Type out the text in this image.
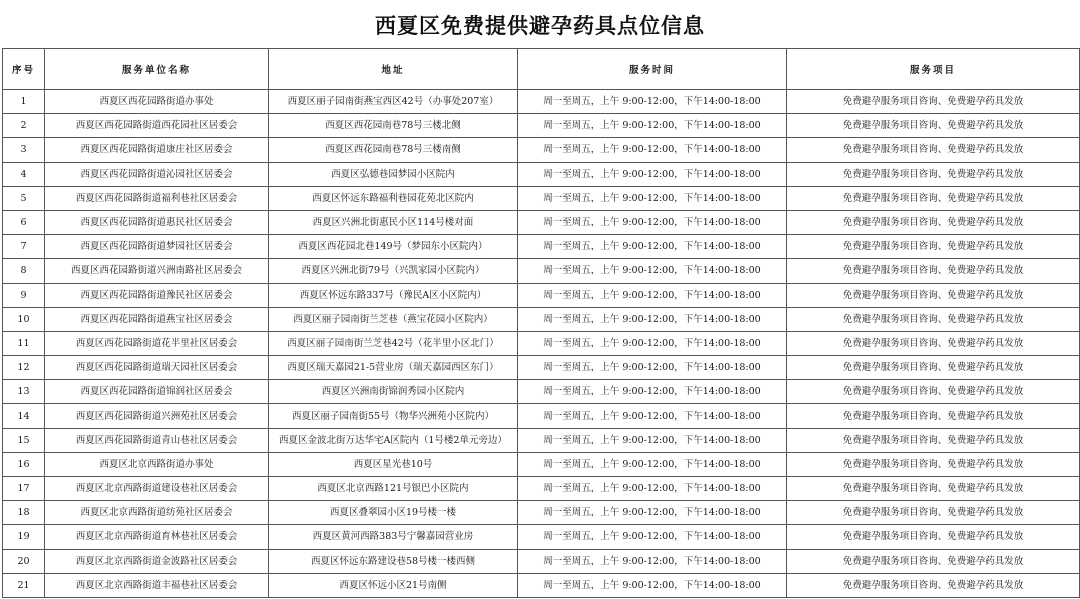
西夏区免费提供避孕药具点位信息
序号	服务单位名称	地址	服务时间	服务项目
1	西夏区西花园路街道办事处	西夏区丽子园南街燕宝西区42号（办事处207室）	周一至周五，上午 9:00-12:00，下午14:00-18:00	免费避孕服务项目咨询、免费避孕药具发放
2	西夏区西花园路街道西花园社区居委会	西夏区西花园南巷78号三楼北侧	周一至周五，上午 9:00-12:00，下午14:00-18:00	免费避孕服务项目咨询、免费避孕药具发放
3	西夏区西花园路街道康庄社区居委会	西夏区西花园南巷78号三楼南侧	周一至周五，上午 9:00-12:00，下午14:00-18:00	免费避孕服务项目咨询、免费避孕药具发放
4	西夏区西花园路街道沁园社区居委会	西夏区弘德巷园梦园小区院内	周一至周五，上午 9:00-12:00，下午14:00-18:00	免费避孕服务项目咨询、免费避孕药具发放
5	西夏区西花园路街道福利巷社区居委会	西夏区怀远东路福利巷园花苑北区院内	周一至周五，上午 9:00-12:00，下午14:00-18:00	免费避孕服务项目咨询、免费避孕药具发放
6	西夏区西花园路街道惠民社区居委会	西夏区兴洲北街惠民小区114号楼对面	周一至周五，上午 9:00-12:00，下午14:00-18:00	免费避孕服务项目咨询、免费避孕药具发放
7	西夏区西花园路街道梦园社区居委会	西夏区西花园北巷149号（梦园东小区院内）	周一至周五，上午 9:00-12:00，下午14:00-18:00	免费避孕服务项目咨询、免费避孕药具发放
8	西夏区西花园路街道兴洲南路社区居委会	西夏区兴洲北街79号（兴凯家园小区院内）	周一至周五，上午 9:00-12:00，下午14:00-18:00	免费避孕服务项目咨询、免费避孕药具发放
9	西夏区西花园路街道豫民社区居委会	西夏区怀远东路337号（豫民A区小区院内）	周一至周五，上午 9:00-12:00，下午14:00-18:00	免费避孕服务项目咨询、免费避孕药具发放
10	西夏区西花园路街道燕宝社区居委会	西夏区丽子园南街兰芝巷（燕宝花园小区院内）	周一至周五，上午 9:00-12:00，下午14:00-18:00	免费避孕服务项目咨询、免费避孕药具发放
11	西夏区西花园路街道花半里社区居委会	西夏区丽子园南街兰芝巷42号（花半里小区北门）	周一至周五，上午 9:00-12:00，下午14:00-18:00	免费避孕服务项目咨询、免费避孕药具发放
12	西夏区西花园路街道瑞天园社区居委会	西夏区瑞天嘉园21-5营业房（瑞天嘉园西区东门）	周一至周五，上午 9:00-12:00，下午14:00-18:00	免费避孕服务项目咨询、免费避孕药具发放
13	西夏区西花园路街道锦润社区居委会	西夏区兴洲南街锦润秀园小区院内	周一至周五，上午 9:00-12:00，下午14:00-18:00	免费避孕服务项目咨询、免费避孕药具发放
14	西夏区西花园路街道兴洲苑社区居委会	西夏区丽子园南街55号（物华兴洲苑小区院内）	周一至周五，上午 9:00-12:00，下午14:00-18:00	免费避孕服务项目咨询、免费避孕药具发放
15	西夏区西花园路街道青山巷社区居委会	西夏区金波北街万达华宅A区院内（1号楼2单元旁边）	周一至周五，上午 9:00-12:00，下午14:00-18:00	免费避孕服务项目咨询、免费避孕药具发放
16	西夏区北京西路街道办事处	西夏区星光巷10号	周一至周五，上午 9:00-12:00，下午14:00-18:00	免费避孕服务项目咨询、免费避孕药具发放
17	西夏区北京西路街道建设巷社区居委会	西夏区北京西路121号银巴小区院内	周一至周五，上午 9:00-12:00，下午14:00-18:00	免费避孕服务项目咨询、免费避孕药具发放
18	西夏区北京西路街道纺苑社区居委会	西夏区叠翠园小区19号楼一楼	周一至周五，上午 9:00-12:00，下午14:00-18:00	免费避孕服务项目咨询、免费避孕药具发放
19	西夏区北京西路街道育林巷社区居委会	西夏区黄河西路383号宁馨嘉园营业房	周一至周五，上午 9:00-12:00，下午14:00-18:00	免费避孕服务项目咨询、免费避孕药具发放
20	西夏区北京西路街道金波路社区居委会	西夏区怀远东路建设巷58号楼一楼西侧	周一至周五，上午 9:00-12:00，下午14:00-18:00	免费避孕服务项目咨询、免费避孕药具发放
21	西夏区北京西路街道丰福巷社区居委会	西夏区怀远小区21号南侧	周一至周五，上午 9:00-12:00，下午14:00-18:00	免费避孕服务项目咨询、免费避孕药具发放
